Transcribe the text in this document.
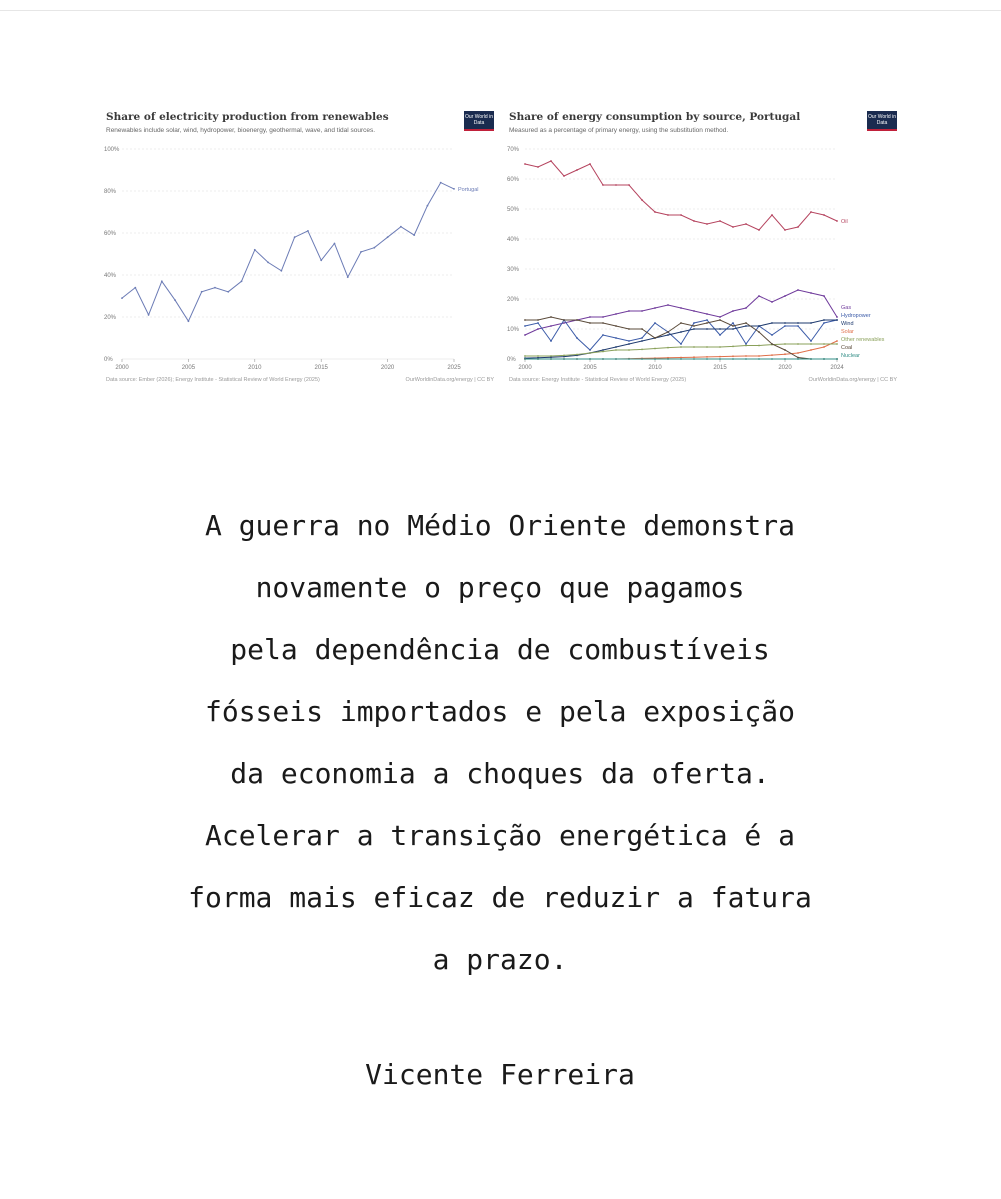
Share of electricity production from renewables
Renewables include solar, wind, hydropower, bioenergy, geothermal, wave, and tidal sources.
Our World in Data
0%
20%
40%
60%
80%
100%
2000	2005	2010	2015	2020	2025
Portugal
Data source: Ember (2026); Energy Institute - Statistical Review of World Energy (2025)	OurWorldinData.org/energy | CC BY
Share of energy consumption by source, Portugal
Measured as a percentage of primary energy, using the substitution method.
Our World in Data
0%
10%
20%
30%
40%
50%
60%
70%
2000	2005	2010	2015	2020	2024
Oil
Gas
Hydropower
Wind
Solar
Other renewables
Coal
Nuclear
Data source: Energy Institute - Statistical Review of World Energy (2025)	OurWorldinData.org/energy | CC BY
A guerra no Médio Oriente demonstra
novamente o preço que pagamos
pela dependência de combustíveis
fósseis importados e pela exposição
da economia a choques da oferta.
Acelerar a transição energética é a
forma mais eficaz de reduzir a fatura
a prazo.
Vicente Ferreira
